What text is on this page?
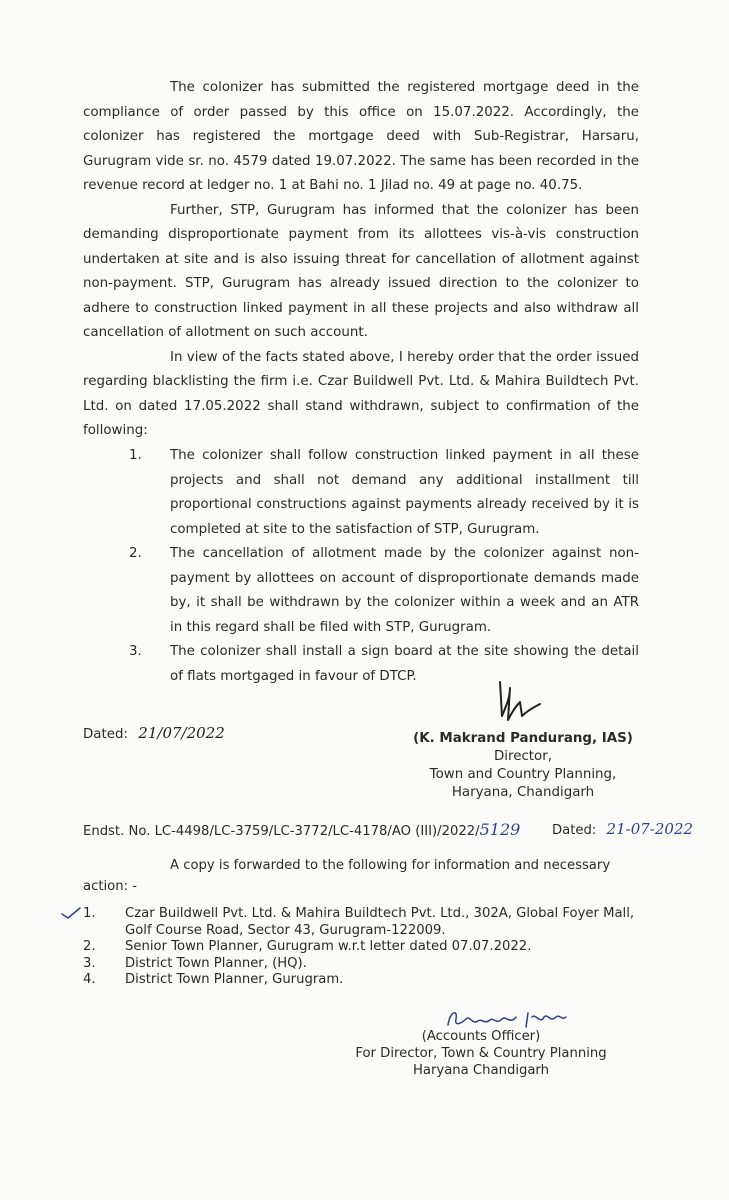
The colonizer has submitted the registered mortgage deed in the compliance of order passed by this office on 15.07.2022. Accordingly, the colonizer has registered the mortgage deed with Sub-Registrar, Harsaru, Gurugram vide sr. no. 4579 dated 19.07.2022. The same has been recorded in the revenue record at ledger no. 1 at Bahi no. 1 Jilad no. 49 at page no. 40.75.

Further, STP, Gurugram has informed that the colonizer has been demanding disproportionate payment from its allottees vis-à-vis construction undertaken at site and is also issuing threat for cancellation of allotment against non-payment. STP, Gurugram has already issued direction to the colonizer to adhere to construction linked payment in all these projects and also withdraw all cancellation of allotment on such account.

In view of the facts stated above, I hereby order that the order issued regarding blacklisting the firm i.e. Czar Buildwell Pvt. Ltd. & Mahira Buildtech Pvt. Ltd. on dated 17.05.2022 shall stand withdrawn, subject to confirmation of the following:

1. The colonizer shall follow construction linked payment in all these projects and shall not demand any additional installment till proportional constructions against payments already received by it is completed at site to the satisfaction of STP, Gurugram.
2. The cancellation of allotment made by the colonizer against non-payment by allottees on account of disproportionate demands made by, it shall be withdrawn by the colonizer within a week and an ATR in this regard shall be filed with STP, Gurugram.
3. The colonizer shall install a sign board at the site showing the detail of flats mortgaged in favour of DTCP.
Dated: 21/07/2022	(K. Makrand Pandurang, IAS)
Director,
Town and Country Planning,
Haryana, Chandigarh
Endst. No. LC-4498/LC-3759/LC-3772/LC-4178/AO (III)/2022/5129 Dated: 21-07-2022
A copy is forwarded to the following for information and necessary action: -
1. Czar Buildwell Pvt. Ltd. & Mahira Buildtech Pvt. Ltd., 302A, Global Foyer Mall,
Golf Course Road, Sector 43, Gurugram-122009.
2. Senior Town Planner, Gurugram w.r.t letter dated 07.07.2022.
3. District Town Planner, (HQ).
4. District Town Planner, Gurugram.
(Accounts Officer)
For Director, Town & Country Planning
Haryana Chandigarh
